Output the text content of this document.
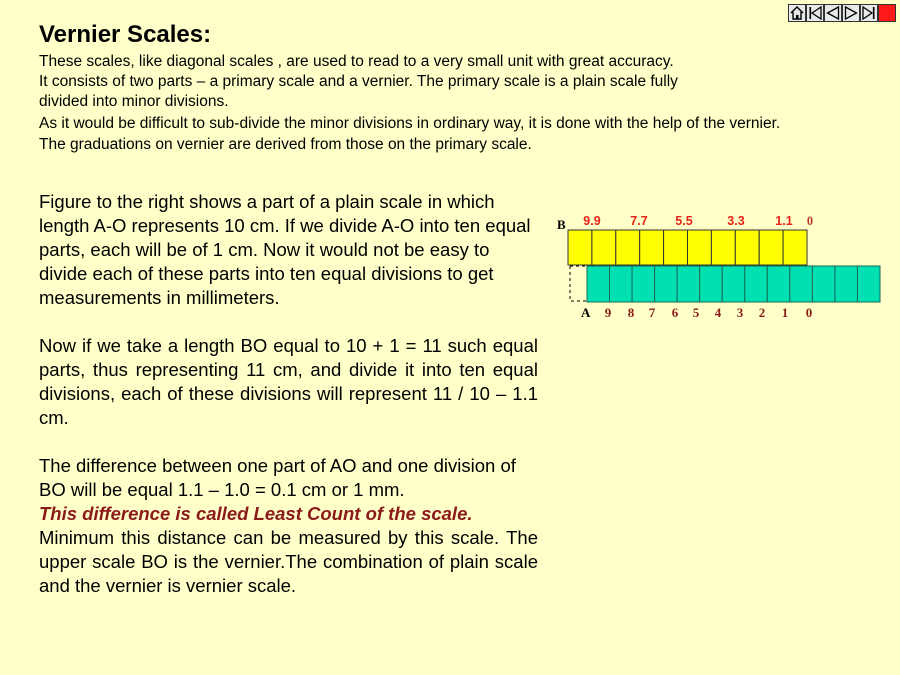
Vernier Scales:
These scales, like diagonal scales , are used to read to a very small unit with great accuracy.
It consists of two parts – a primary scale and a vernier. The primary scale is a plain scale fully
divided into minor divisions.
As it would be difficult to sub-divide the minor divisions in ordinary way, it is done with the help of the vernier.
The graduations on vernier are derived from those on the primary scale.

Figure to the right shows a part of a plain scale in which length A-O represents 10 cm. If we divide A-O into ten equal parts, each will be of 1 cm. Now it would not be easy to divide each of these parts into ten equal divisions to get measurements in millimeters.

Now if we take a length BO equal to 10 + 1 = 11 such equal parts, thus representing 11 cm, and divide it into ten equal divisions, each of these divisions will represent 11 / 10 – 1.1 cm.

The difference between one part of AO and one division of BO will be equal 1.1 – 1.0 = 0.1 cm or 1 mm.
This difference is called Least Count of the scale.

Minimum this distance can be measured by this scale. The upper scale BO is the vernier.The combination of plain scale and the vernier is vernier scale.

9.9 7.7 5.5	3.3 1.1 0
B
A 9 8 7 6 5 4 3 2 1 0
